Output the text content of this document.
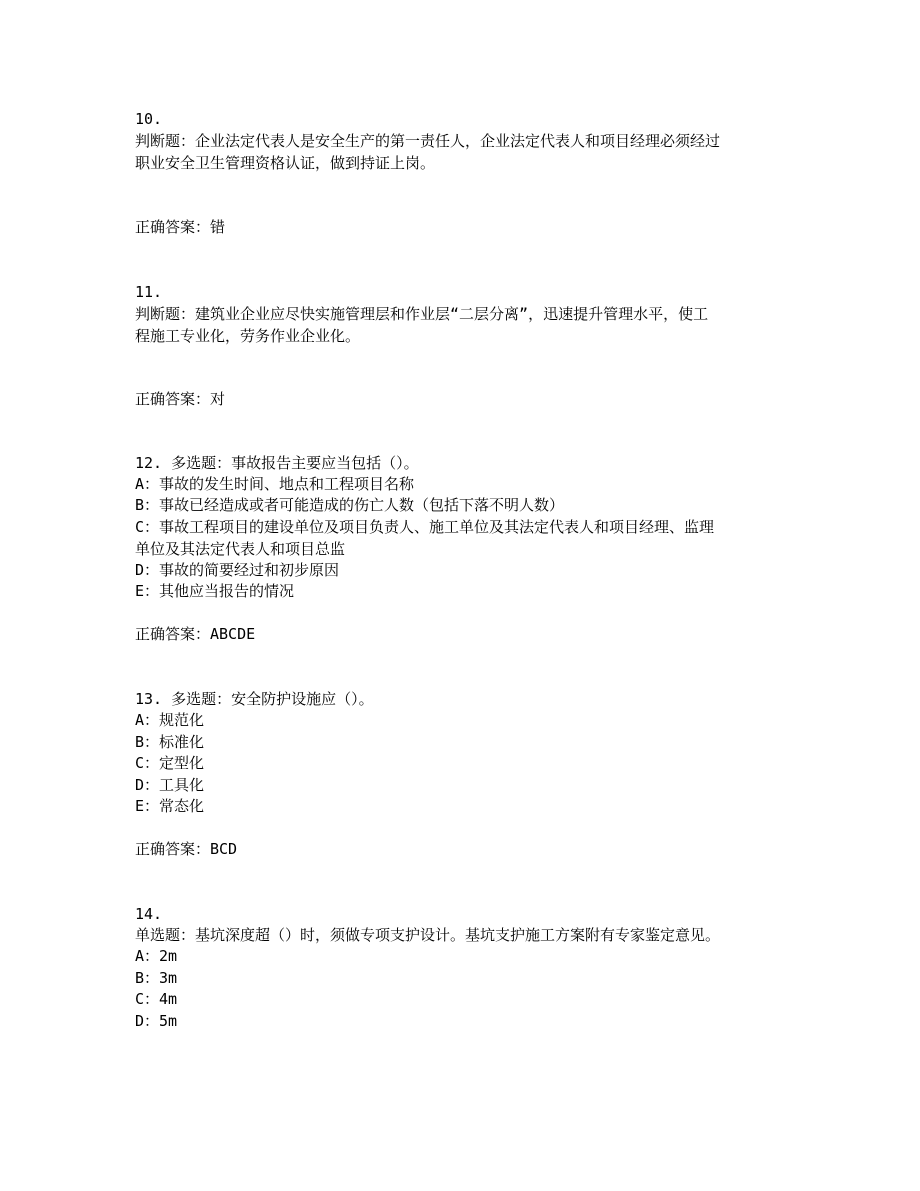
10.
判断题：企业法定代表人是安全生产的第一责任人，企业法定代表人和项目经理必须经过
职业安全卫生管理资格认证，做到持证上岗。
正确答案：错
11.
判断题：建筑业企业应尽快实施管理层和作业层“二层分离”，迅速提升管理水平，使工
程施工专业化，劳务作业企业化。
正确答案：对
12. 多选题：事故报告主要应当包括（）。
A：事故的发生时间、地点和工程项目名称
B：事故已经造成或者可能造成的伤亡人数（包括下落不明人数）
C：事故工程项目的建设单位及项目负责人、施工单位及其法定代表人和项目经理、监理
单位及其法定代表人和项目总监
D：事故的简要经过和初步原因
E：其他应当报告的情况
正确答案：ABCDE
13. 多选题：安全防护设施应（）。
A：规范化
B：标准化
C：定型化
D：工具化
E：常态化
正确答案：BCD
14.
单选题：基坑深度超（）时，须做专项支护设计。基坑支护施工方案附有专家鉴定意见。
A：2m
B：3m
C：4m
D：5m
